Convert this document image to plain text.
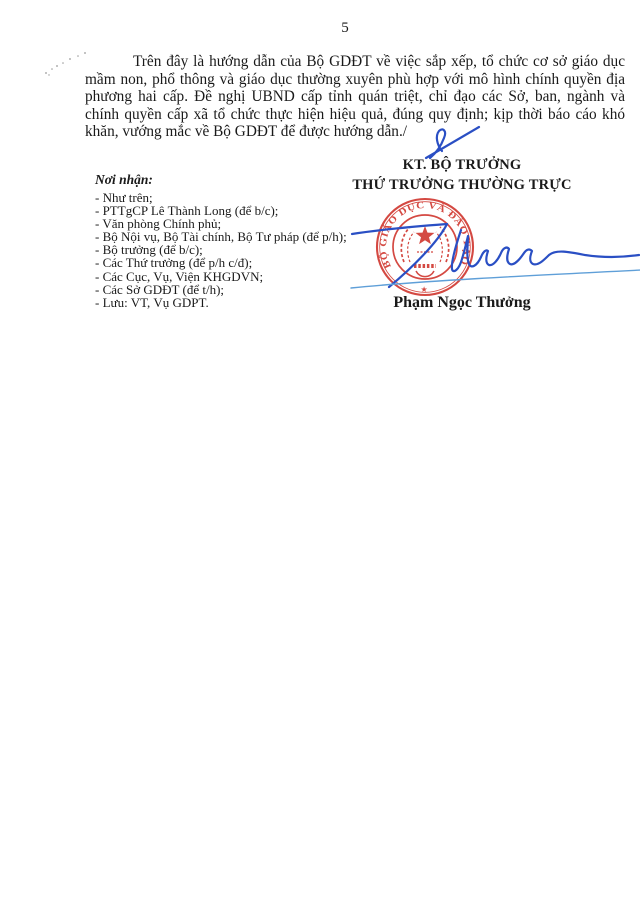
5
Trên đây là hướng dẫn của Bộ GDĐT về việc sắp xếp, tổ chức cơ sở giáo dục mầm non, phổ thông và giáo dục thường xuyên phù hợp với mô hình chính quyền địa phương hai cấp. Đề nghị UBND cấp tỉnh quán triệt, chỉ đạo các Sở, ban, ngành và chính quyền cấp xã tổ chức thực hiện hiệu quả, đúng quy định; kịp thời báo cáo khó khăn, vướng mắc về Bộ GDĐT để được hướng dẫn./
Nơi nhận:
- Như trên;
- PTTgCP Lê Thành Long (để b/c);
- Văn phòng Chính phủ;
- Bộ Nội vụ, Bộ Tài chính, Bộ Tư pháp (để p/h);
- Bộ trưởng (để b/c);
- Các Thứ trưởng (để p/h c/đ);
- Các Cục, Vụ, Viện KHGDVN;
- Các Sở GDĐT (để t/h);
- Lưu: VT, Vụ GDPT.
KT. BỘ TRƯỞNG
THỨ TRƯỞNG THƯỜNG TRỰC
Phạm Ngọc Thưởng
BỘ GIÁO DỤC VÀ ĐÀO TẠO
★
